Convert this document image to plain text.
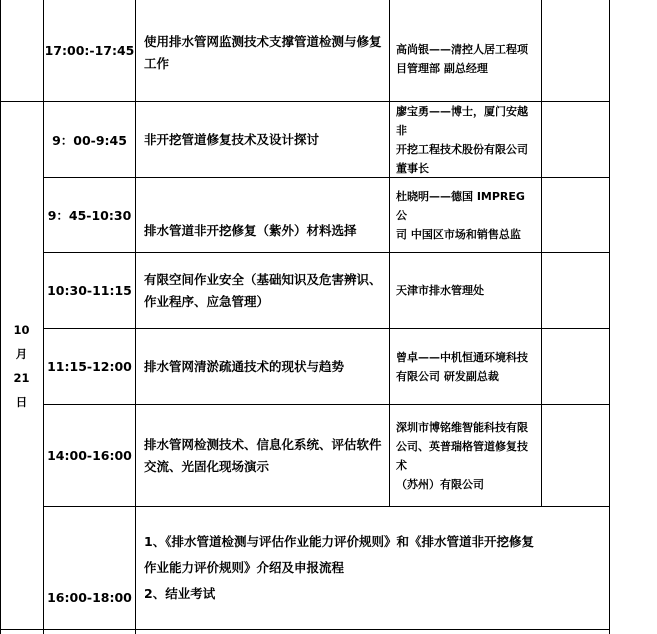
10
月
21
日
17:00:-17:45
使用排水管网监测技术支撑管道检测与修复
工作
高尚银——清控人居工程项
目管理部 副总经理
9：00-9:45 非开挖管道修复技术及设计探讨
廖宝勇——博士，厦门安越非
开挖工程技术股份有限公司
董事长
9：45-10:30
排水管道非开挖修复（紫外）材料选择
杜晓明——德国 IMPREG 公
司 中国区市场和销售总监
10:30-11:15
有限空间作业安全（基础知识及危害辨识、
作业程序、应急管理）
天津市排水管理处
11:15-12:00 排水管网清淤疏通技术的现状与趋势
曾卓——中机恒通环境科技
有限公司 研发副总裁
14:00-16:00
排水管网检测技术、信息化系统、评估软件
交流、光固化现场演示
深圳市博铭维智能科技有限
公司、英普瑞格管道修复技术
（苏州）有限公司
16:00-18:00
1、《排水管道检测与评估作业能力评价规则》和《排水管道非开挖修复
作业能力评价规则》介绍及申报流程
2、结业考试
